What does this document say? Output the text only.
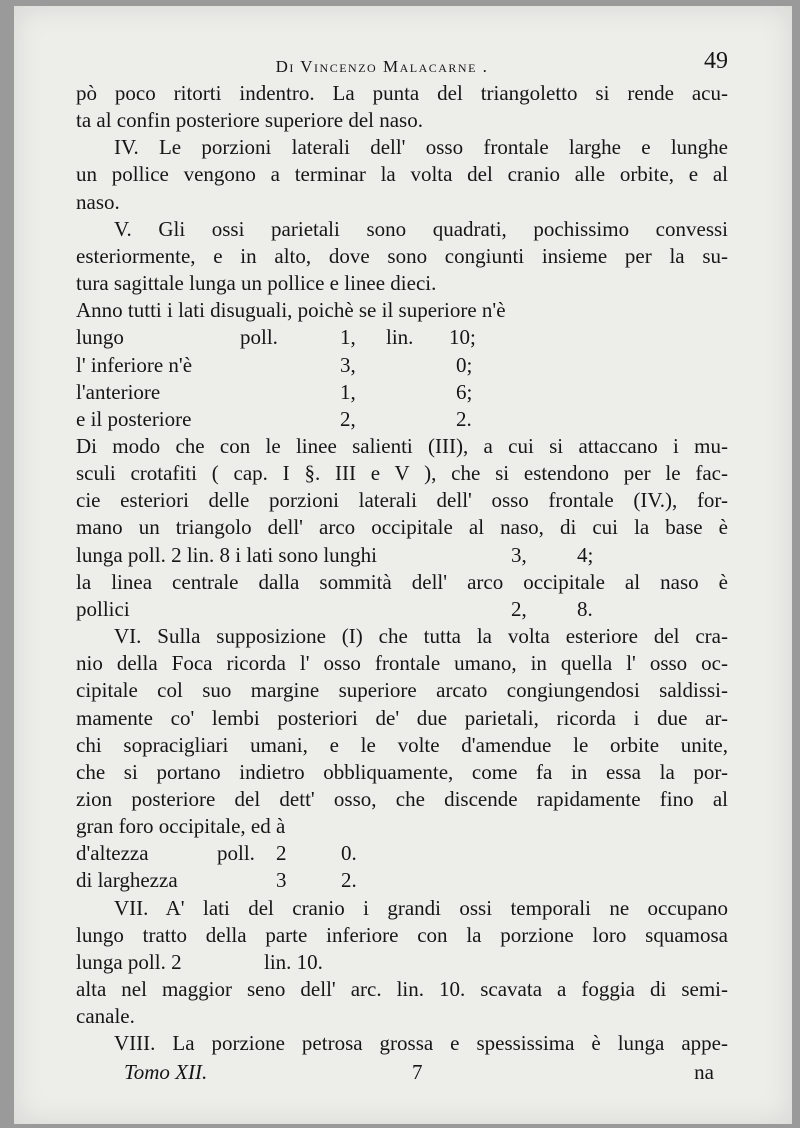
Di Vincenzo Malacarne .	49

pò poco ritorti indentro. La punta del triangoletto si rende acu-

ta al confin posteriore superiore del naso.

IV. Le porzioni laterali dell' osso frontale larghe e lunghe

un pollice vengono a terminar la volta del cranio alle orbite, e al

naso.

V. Gli ossi parietali sono quadrati, pochissimo convessi

esteriormente, e in alto, dove sono congiunti insieme per la su-

tura sagittale lunga un pollice e linee dieci.

Anno tutti i lati disuguali, poichè se il superiore n'è

lungo	poll.	1, lin. 10;
l' inferiore n'è	3,	0;
l'anteriore	1,	6;
e il posteriore	2,	2.

Di modo che con le linee salienti (III), a cui si attaccano i mu-

sculi crotafiti ( cap. I §. III e V ), che si estendono per le fac-

cie esteriori delle porzioni laterali dell' osso frontale (IV.), for-

mano un triangolo dell' arco occipitale al naso, di cui la base è

lunga poll. 2 lin. 8 i lati sono lunghi	3, 4;

la linea centrale dalla sommità dell' arco occipitale al naso è

pollici	2, 8.

VI. Sulla supposizione (I) che tutta la volta esteriore del cra-

nio della Foca ricorda l' osso frontale umano, in quella l' osso oc-

cipitale col suo margine superiore arcato congiungendosi saldissi-

mamente co' lembi posteriori de' due parietali, ricorda i due ar-

chi sopracigliari umani, e le volte d'amendue le orbite unite,

che si portano indietro obbliquamente, come fa in essa la por-

zion posteriore del dett' osso, che discende rapidamente fino al

gran foro occipitale, ed à

d'altezza	poll. 2	0.
di larghezza	3	2.

VII. A' lati del cranio i grandi ossi temporali ne occupano

lungo tratto della parte inferiore con la porzione loro squamosa

lunga poll. 2	lin. 10.

alta nel maggior seno dell' arc. lin. 10. scavata a foggia di semi-

canale.

VIII. La porzione petrosa grossa e spessissima è lunga appe-

Tomo XII.	7	na
